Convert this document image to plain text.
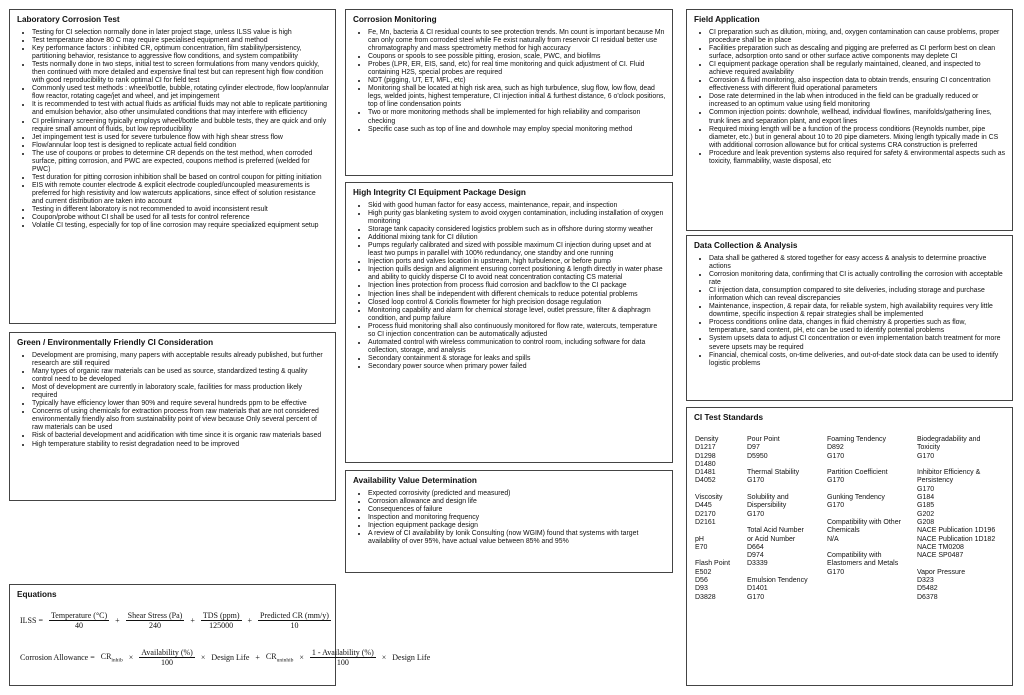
Laboratory Corrosion Test
• Testing for CI selection normally done in later project stage, unless ILSS value is high
• Test temperature above 80 C may require specialised equipment and method
• Key performance factors : inhibited CR, optimum concentration, film stability/persistency, partitioning behavior, resistance to aggressive flow conditions, and system compatibility
• Tests normally done in two steps, initial test to screen formulations from many vendors quickly, then continued with more detailed and expensive final test but can represent high flow condition with good reproducibility to rank optimal CI for field test
• Commonly used test methods : wheel/bottle, bubble, rotating cylinder electrode, flow loop/annular flow reactor, rotating cage/jet and wheel, and jet impingement
• It is recommended to test with actual fluids as artificial fluids may not able to replicate partitioning and emulsion behavior, also other unsimulated conditions that may interfere with efficiency
• CI preliminary screening typically employs wheel/bottle and bubble tests, they are quick and only require small amount of fluids, but low reproducibility
• Jet impingement test is used for severe turbulence flow with high shear stress flow
• Flow/annular loop test is designed to replicate actual field condition
• The use of coupons or probes to determine CR depends on the test method, when corroded surface, pitting corrosion, and PWC are expected, coupons method is preferred (welded for PWC)
• Test duration for pitting corrosion inhibition shall be based on control coupon for pitting initiation
• EIS with remote counter electrode & explicit electrode coupled/uncoupled measurements is preferred for high resistivity and low watercuts applications, since effect of solution resistance and current distribution are taken into account
• Testing in different laboratory is not recommended to avoid inconsistent result
• Coupon/probe without CI shall be used for all tests for control reference
• Volatile CI testing, especially for top of line corrosion may require specialized equipment setup
Green / Environmentally Friendly CI Consideration
• Development are promising, many papers with acceptable results already published, but further research are still required
• Many types of organic raw materials can be used as source, standardized testing & quality control need to be developed
• Most of development are currently in laboratory scale, facilities for mass production likely required
• Typically have efficiency lower than 90% and require several hundreds ppm to be effective
• Concerns of using chemicals for extraction process from raw materials that are not considered environmentally friendly also from sustainability point of view because Only several percent of raw materials can be used
• Risk of bacterial development and acidification with time since it is organic raw materials based
• High temperature stability to resist degradation need to be improved
Corrosion Monitoring
• Fe, Mn, bacteria & CI residual counts to see protection trends. Mn count is important because Mn can only come from corroded steel while Fe exist naturally from reservoir CI residual better use chromatography and mass spectrometry method for high accuracy
• Coupons or spools to see possible pitting, erosion, scale, PWC, and biofilms
• Probes (LPR, ER, EIS, sand, etc) for real time monitoring and quick adjustment of CI. Fluid containing H2S, special probes are required
• NDT (pigging, UT, ET, MFL, etc)
• Monitoring shall be located at high risk area, such as high turbulence, slug flow, low flow, dead legs, welded joints, highest temperature, CI injection initial & furthest distance, 6 o'clock positions, top of line condensation points
• Two or more monitoring methods shall be implemented for high reliability and comparison checking
• Specific case such as top of line and downhole may employ special monitoring method
High Integrity CI Equipment Package Design
• Skid with good human factor for easy access, maintenance, repair, and inspection
• High purity gas blanketing system to avoid oxygen contamination, including installation of oxygen monitoring
• Storage tank capacity considered logistics problem such as in offshore during stormy weather
• Additional mixing tank for CI dilution
• Pumps regularly calibrated and sized with possible maximum CI injection during upset and at least two pumps in parallel with 100% redundancy, one standby and one running
• Injection ports and valves location in upstream, high turbulence, or before pump
• Injection quills design and alignment ensuring correct positioning & length directly in water phase and ability to quickly disperse CI to avoid neat concentration contacting CS material
• Injection lines protection from process fluid corrosion and backflow to the CI package
• Injection lines shall be independent with different chemicals to reduce potential problems
• Closed loop control & Coriolis flowmeter for high precision dosage regulation
• Monitoring capability and alarm for chemical storage level, outlet pressure, filter & diaphragm condition, and pump failure
• Process fluid monitoring shall also continuously monitored for flow rate, watercuts, temperature so CI injection concentration can be automatically adjusted
• Automated control with wireless communication to control room, including software for data collection, storage, and analysis
• Secondary containment & storage for leaks and spills
• Secondary power source when primary power failed
Availability Value Determination
• Expected corrosivity (predicted and measured)
• Corrosion allowance and design life
• Consequences of failure
• Inspection and monitoring frequency
• Injection equipment package design
• A review of CI availability by Ionik Consulting (now WGIM) found that systems with target availability of over 95%, have actual value between 85% and 95%
Field Application
• CI preparation such as dilution, mixing, and, oxygen contamination can cause problems, proper procedure shall be in place
• Facilities preparation such as descaling and pigging are preferred as CI perform best on clean surface, adsorption onto sand or other surface active components may deplete CI
• CI equipment package operation shall be regularly maintained, cleaned, and inspected to achieve required availability
• Corrosion & fluid monitoring, also inspection data to obtain trends, ensuring CI concentration effectiveness with different fluid operational parameters
• Dose rate determined in the lab when introduced in the field can be gradually reduced or increased to an optimum value using field monitoring
• Common injection points: downhole, wellhead, individual flowlines, manifolds/gathering lines, trunk lines and separation plant, and export lines
• Required mixing length will be a function of the process conditions (Reynolds number, pipe diameter, etc.) but in general about 10 to 20 pipe diameters. Mixing length typically made in CS with additional corrosion allowance but for critical systems CRA construction is preferred
• Procedure and leak prevention systems also required for safety & environmental aspects such as toxicity, flammability, waste disposal, etc
Data Collection & Analysis
• Data shall be gathered & stored together for easy access & analysis to determine proactive actions
• Corrosion monitoring data, confirming that CI is actually controlling the corrosion with acceptable rate
• CI injection data, consumption compared to site deliveries, including storage and purchase information which can reveal discrepancies
• Maintenance, inspection, & repair data, for reliable system, high availability requires very little downtime, specific inspection & repair strategies shall be implemented
• Process conditions online data, changes in fluid chemistry & properties such as flow, temperature, sand content, pH, etc can be used to identify potential problems
• System upsets data to adjust CI concentration or even implementation batch treatment for more severe upsets may be required
• Financial, chemical costs, on-time deliveries, and out-of-date stock data can be used to identify logistic problems
CI Test Standards
Density
D1217
D1298
D1480
D1481
D4052

Viscosity
D445
D2170
D2161

pH
E70

Flash Point
E502
D56
D93
D3828
Pour Point
D97
D5950

Thermal Stability
G170

Solubility and
Dispersibility
G170

Total Acid Number
or Acid Number
D664
D974
D3339

Emulsion Tendency
D1401
G170
Foaming Tendency
D892
G170

Partition Coefficient
G170

Gunking Tendency
G170

Compatibility with Other
Chemicals
N/A

Compatibility with
Elastomers and Metals
G170
Biodegradability and
Toxicity
G170

Inhibitor Efficiency &
Persistency
G170
G184
G185
G202
G208
NACE Publication 1D196
NACE Publication 1D182
NACE TM0208
NACE SP0487

Vapor Pressure
D323
D5482
D6378
Equations
ILSS = $\frac{\text{Temperature (°C)}}{40} + \frac{\text{Shear Stress (Pa)}}{240} + \frac{\text{TDS (ppm)}}{125000} + \frac{\text{Predicted CR (mm/y)}}{10}$
Corrosion Allowance = $CR_{inhib} \times \frac{\text{Availability (\%)}}{100}$ × Design Life + $CR_{uninhib} \times \frac{\text{1 - Availability (\%)}}{100}$ × Design Life
